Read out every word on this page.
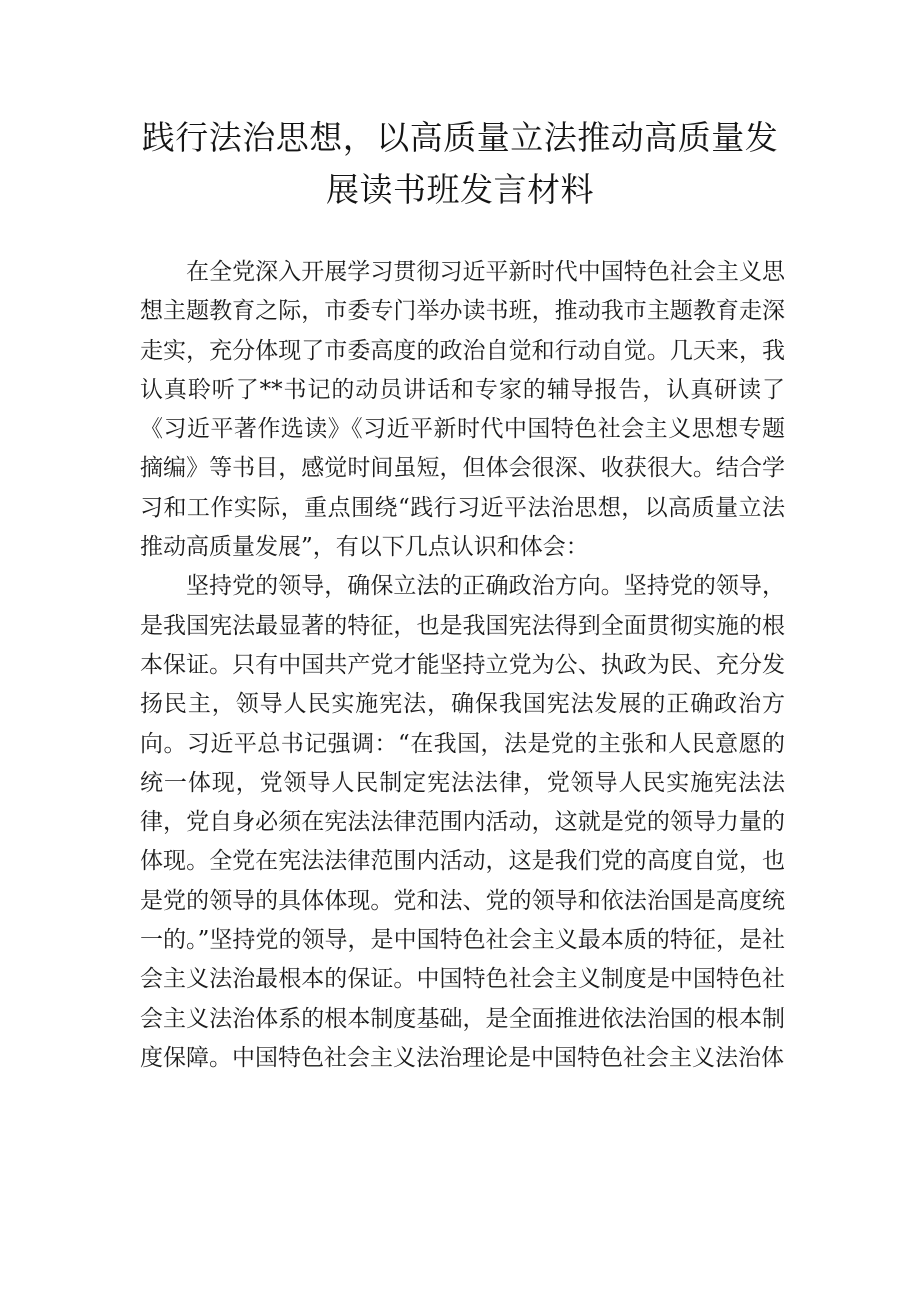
践行法治思想，以高质量立法推动高质量发
展读书班发言材料

在全党深入开展学习贯彻习近平新时代中国特色社会主义思想主题教育之际，市委专门举办读书班，推动我市主题教育走深走实，充分体现了市委高度的政治自觉和行动自觉。几天来，我认真聆听了**书记的动员讲话和专家的辅导报告，认真研读了《习近平著作选读》《习近平新时代中国特色社会主义思想专题摘编》等书目，感觉时间虽短，但体会很深、收获很大。结合学习和工作实际，重点围绕“践行习近平法治思想，以高质量立法推动高质量发展”，有以下几点认识和体会：

坚持党的领导，确保立法的正确政治方向。坚持党的领导，是我国宪法最显著的特征，也是我国宪法得到全面贯彻实施的根本保证。只有中国共产党才能坚持立党为公、执政为民、充分发扬民主，领导人民实施宪法，确保我国宪法发展的正确政治方向。习近平总书记强调：“在我国，法是党的主张和人民意愿的统一体现，党领导人民制定宪法法律，党领导人民实施宪法法律，党自身必须在宪法法律范围内活动，这就是党的领导力量的体现。全党在宪法法律范围内活动，这是我们党的高度自觉，也是党的领导的具体体现。党和法、党的领导和依法治国是高度统一的。”坚持党的领导，是中国特色社会主义最本质的特征，是社会主义法治最根本的保证。中国特色社会主义制度是中国特色社会主义法治体系的根本制度基础，是全面推进依法治国的根本制度保障。中国特色社会主义法治理论是中国特色社会主义法治体
